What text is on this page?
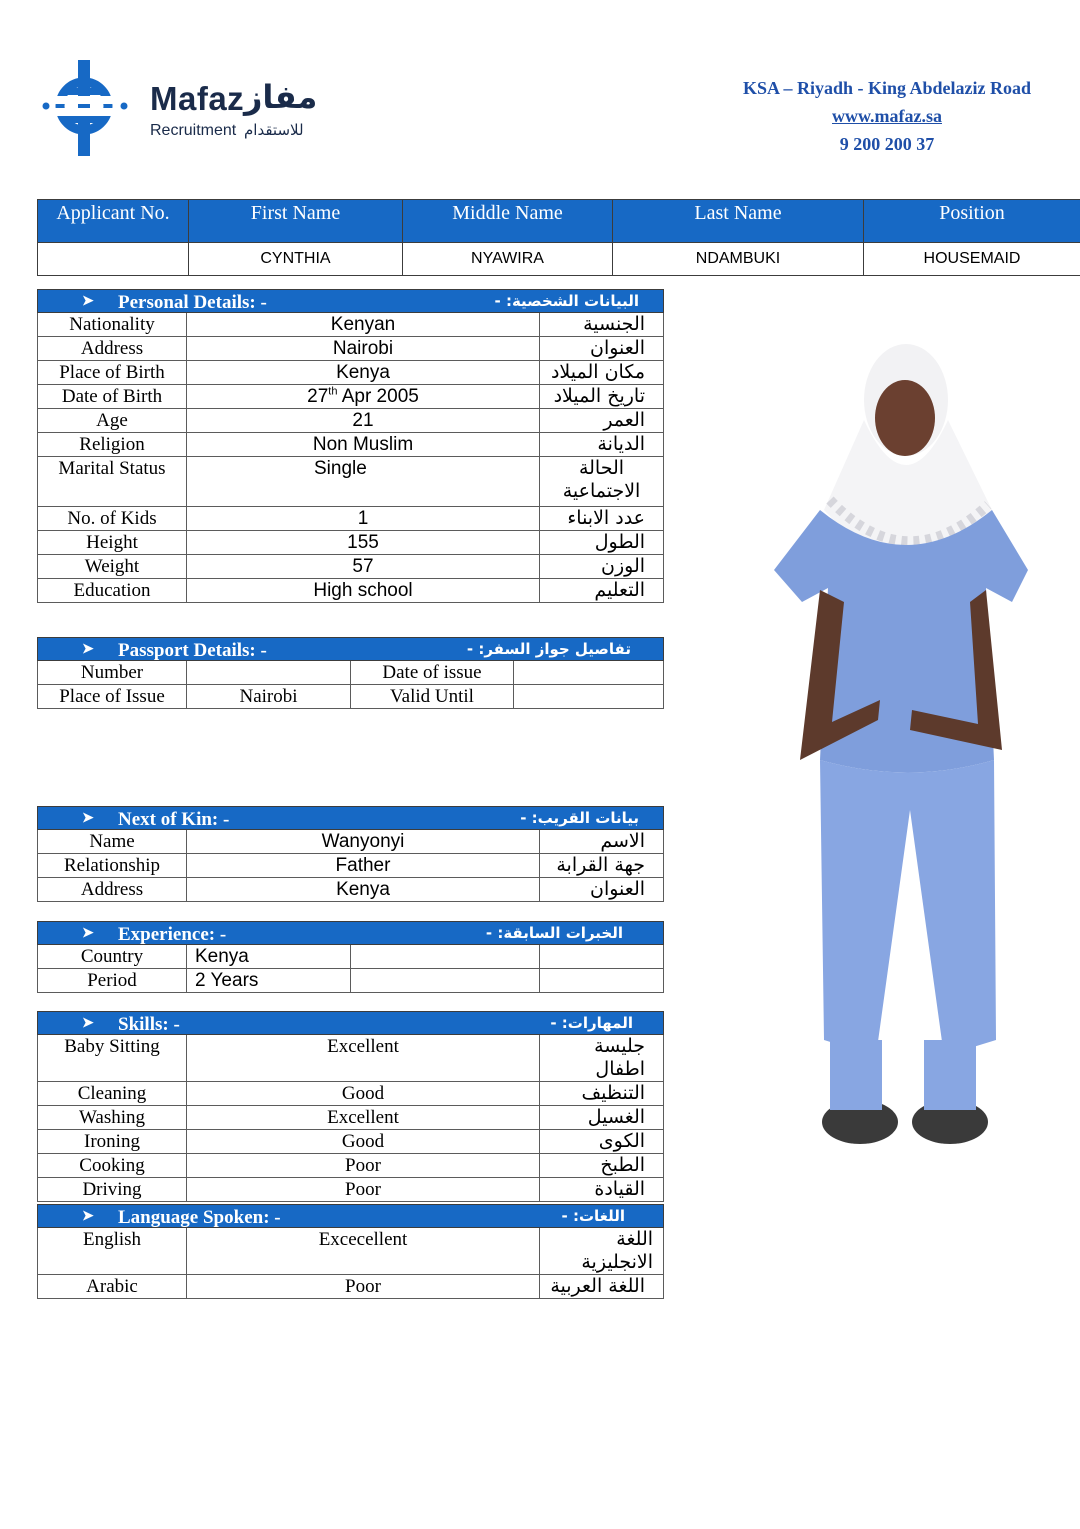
Mafaz مفاز
Recruitment للاستقدام
KSA – Riyadh - King Abdelaziz Road
www.mafaz.sa
9 200 200 37
Applicant No.	First Name	Middle Name	Last Name	Position
	CYNTHIA	NYAWIRA	NDAMBUKI	HOUSEMAID
➤ Personal Details: - البيانات الشخصية: -		

Nationality	Kenyan	الجنسية
Address	Nairobi	العنوان
Place of Birth	Kenya	مكان الميلاد
Date of Birth	27th Apr 2005	تاريخ الميلاد
Age	21	العمر
Religion	Non Muslim	الديانة
Marital Status	Single	الحالة الاجتماعية
No. of Kids	1	عدد الابناء
Height	155	الطول
Weight	57	الوزن
Education	High school	التعليم
➤ Passport Details: - تفاصيل جواز السفر: -			

Number		Date of issue	
Place of Issue	Nairobi	Valid Until	
➤ Next of Kin: - بيانات القريب: -		

Name	Wanyonyi	الاسم
Relationship	Father	جهة القرابة
Address	Kenya	العنوان
➤ Experience: - الخبرات السابقة: -			

Country	Kenya		
Period	2 Years		
➤ Skills: - المهارات: -		

Baby Sitting	Excellent	جليسة اطفال
Cleaning	Good	التنظيف
Washing	Excellent	الغسيل
Ironing	Good	الكوى
Cooking	Poor	الطبخ
Driving	Poor	القيادة
➤ Language Spoken: - اللغات: -		

English	Excecellent	اللغة الانجليزية
Arabic	Poor	اللغة العربية
